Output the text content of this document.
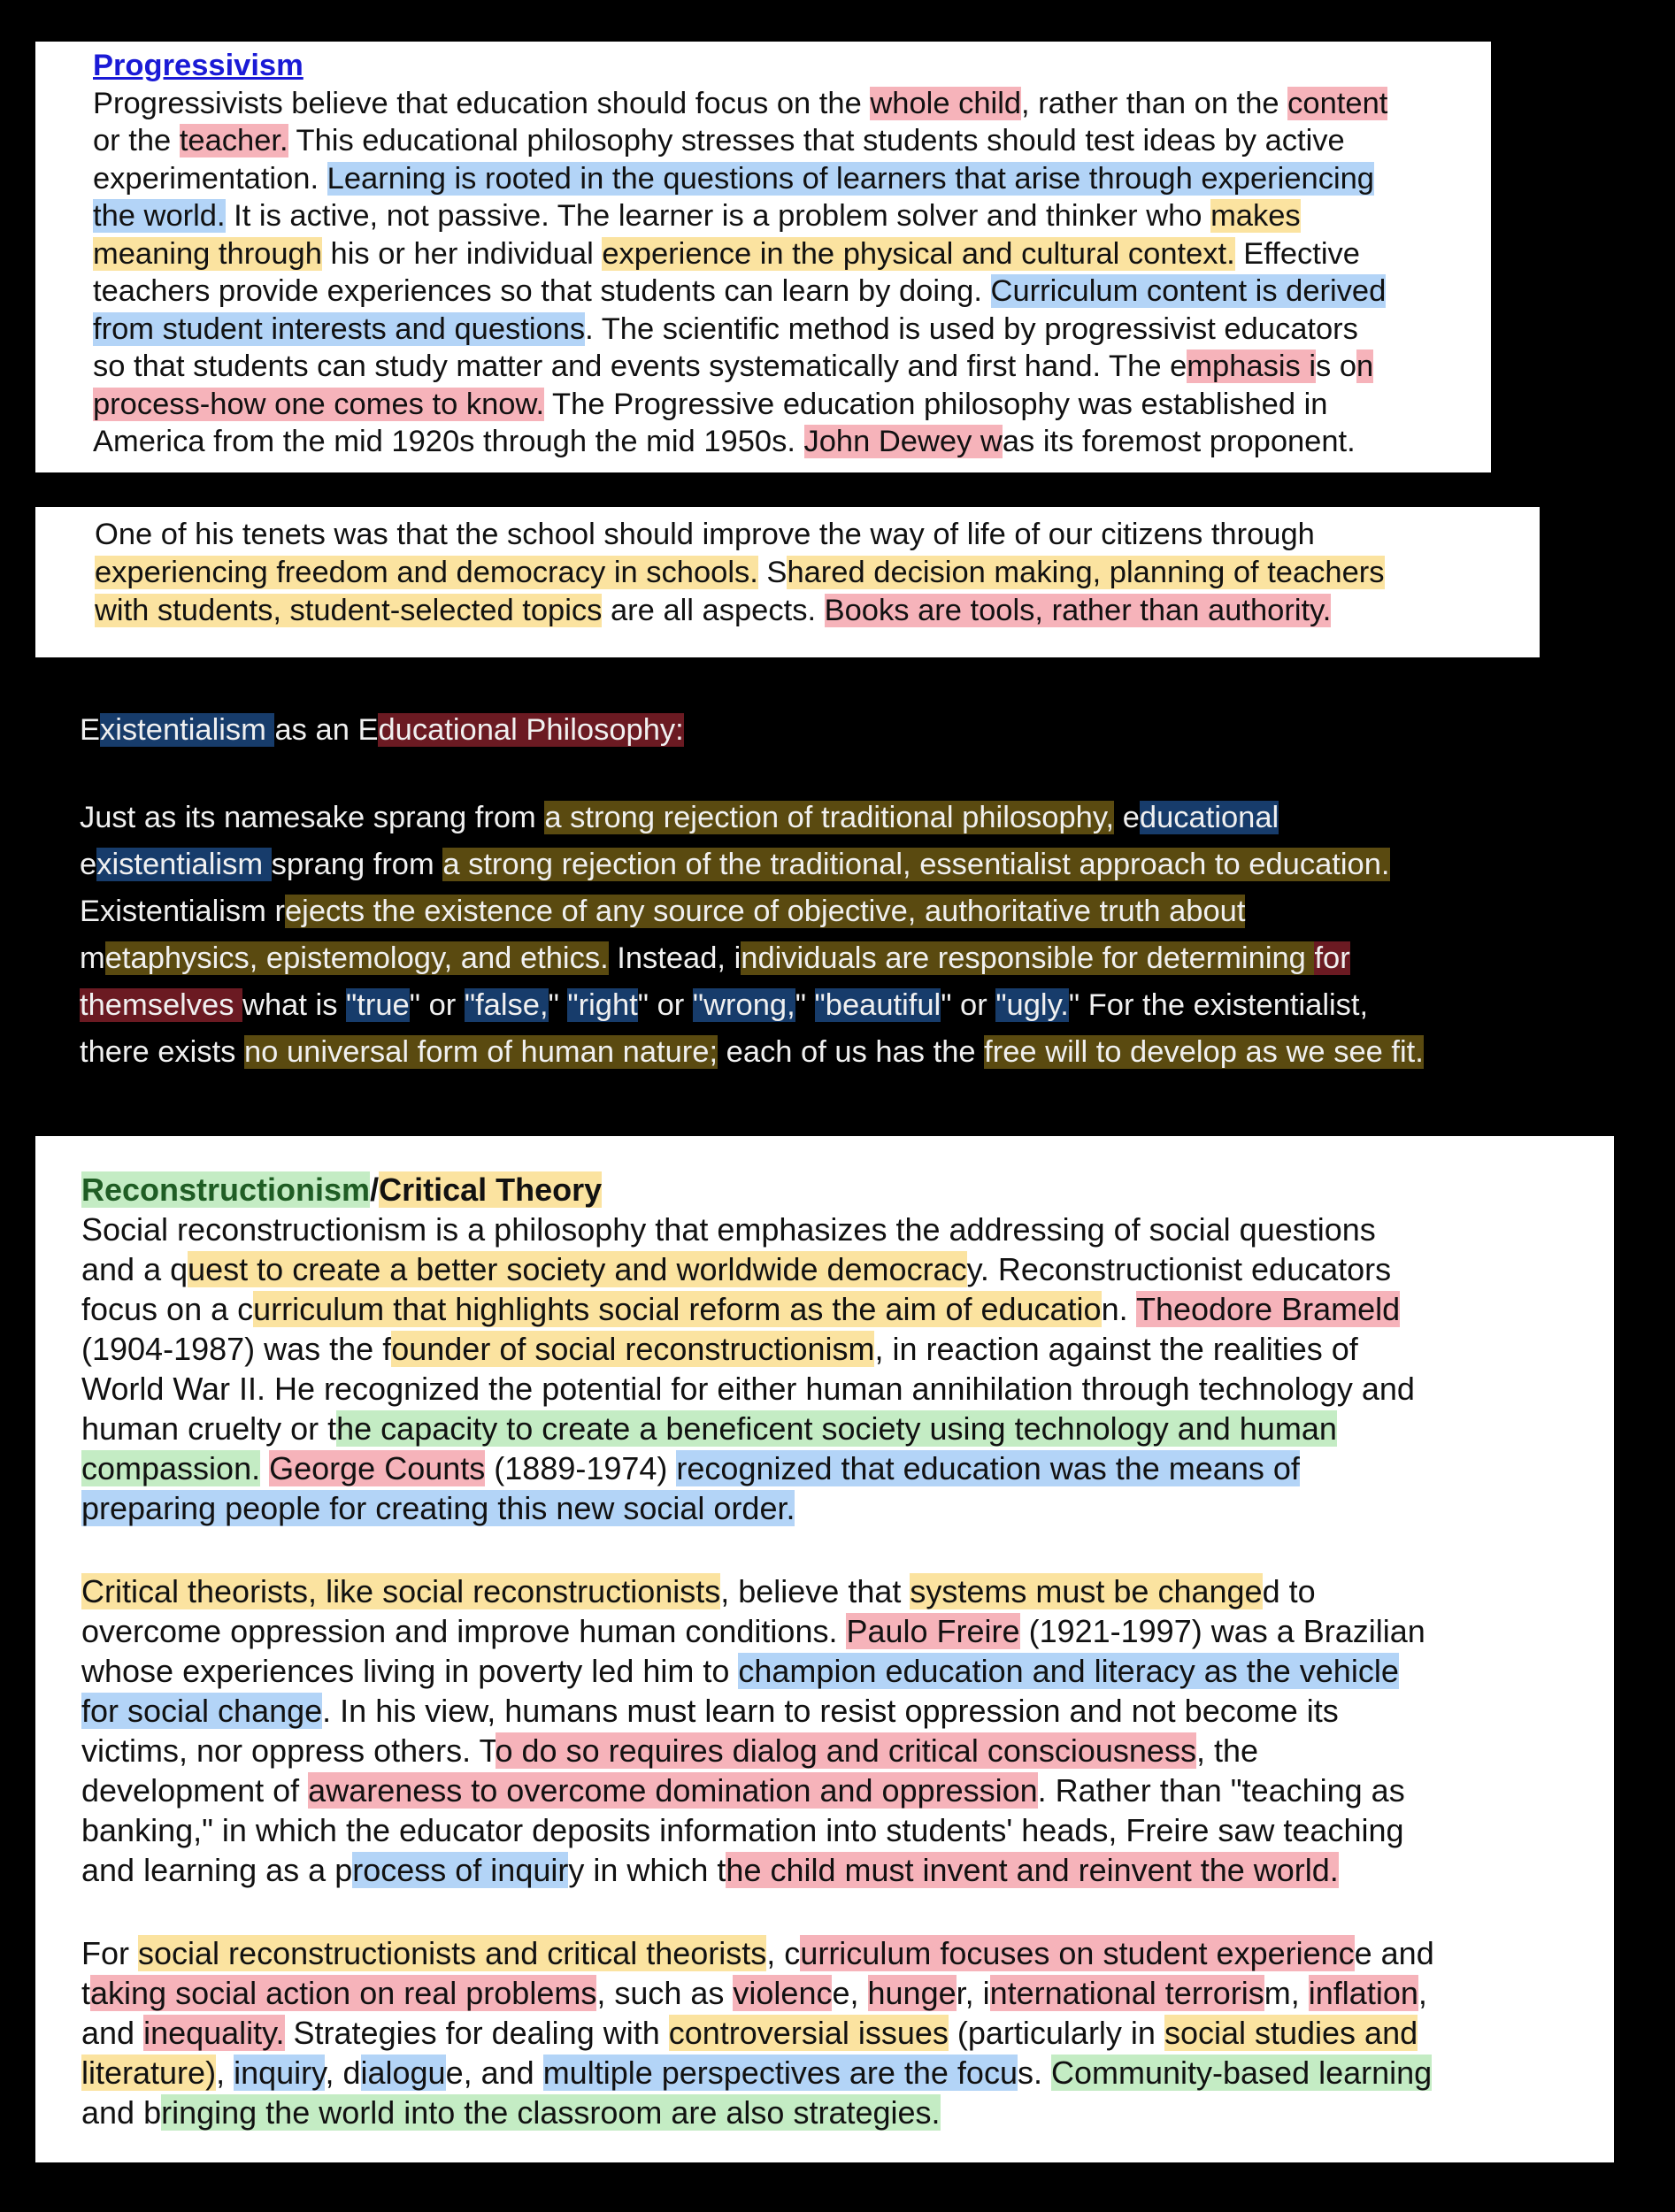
Progressivism

Progressivists believe that education should focus on the whole child, rather than on the content
or the teacher. This educational philosophy stresses that students should test ideas by active
experimentation. Learning is rooted in the questions of learners that arise through experiencing
the world. It is active, not passive. The learner is a problem solver and thinker who makes
meaning through his or her individual experience in the physical and cultural context. Effective
teachers provide experiences so that students can learn by doing. Curriculum content is derived
from student interests and questions. The scientific method is used by progressivist educators
so that students can study matter and events systematically and first hand. The emphasis is on
process-how one comes to know. The Progressive education philosophy was established in
America from the mid 1920s through the mid 1950s. John Dewey was its foremost proponent.

One of his tenets was that the school should improve the way of life of our citizens through
experiencing freedom and democracy in schools. Shared decision making, planning of teachers
with students, student-selected topics are all aspects. Books are tools, rather than authority.

Existentialism as an Educational Philosophy:

Just as its namesake sprang from a strong rejection of traditional philosophy, educational
existentialism sprang from a strong rejection of the traditional, essentialist approach to education.
Existentialism rejects the existence of any source of objective, authoritative truth about
metaphysics, epistemology, and ethics. Instead, individuals are responsible for determining for
themselves what is "true" or "false," "right" or "wrong," "beautiful" or "ugly." For the existentialist,
there exists no universal form of human nature; each of us has the free will to develop as we see fit.

Reconstructionism/Critical Theory

Social reconstructionism is a philosophy that emphasizes the addressing of social questions
and a quest to create a better society and worldwide democracy. Reconstructionist educators
focus on a curriculum that highlights social reform as the aim of education. Theodore Brameld
(1904-1987) was the founder of social reconstructionism, in reaction against the realities of
World War II. He recognized the potential for either human annihilation through technology and
human cruelty or the capacity to create a beneficent society using technology and human
compassion. George Counts (1889-1974) recognized that education was the means of
preparing people for creating this new social order.

Critical theorists, like social reconstructionists, believe that systems must be changed to
overcome oppression and improve human conditions. Paulo Freire (1921-1997) was a Brazilian
whose experiences living in poverty led him to champion education and literacy as the vehicle
for social change. In his view, humans must learn to resist oppression and not become its
victims, nor oppress others. To do so requires dialog and critical consciousness, the
development of awareness to overcome domination and oppression. Rather than "teaching as
banking," in which the educator deposits information into students' heads, Freire saw teaching
and learning as a process of inquiry in which the child must invent and reinvent the world.

For social reconstructionists and critical theorists, curriculum focuses on student experience and
taking social action on real problems, such as violence, hunger, international terrorism, inflation,
and inequality. Strategies for dealing with controversial issues (particularly in social studies and
literature), inquiry, dialogue, and multiple perspectives are the focus. Community-based learning
and bringing the world into the classroom are also strategies.
